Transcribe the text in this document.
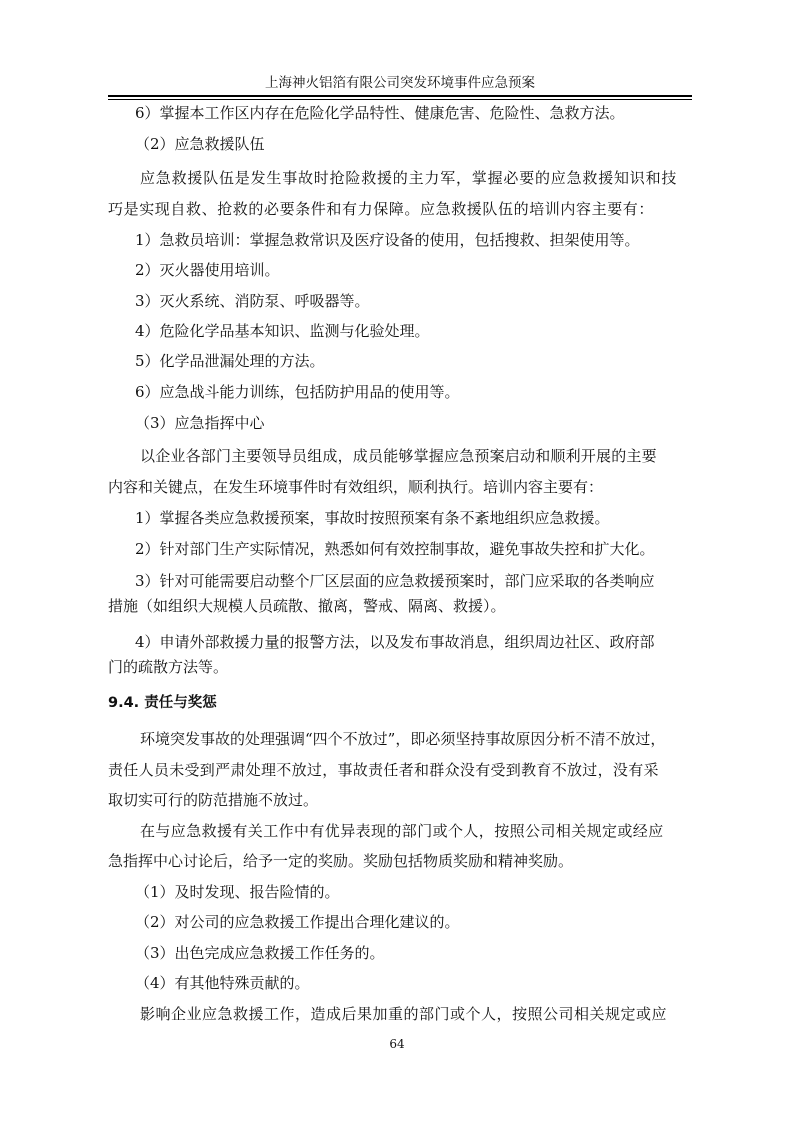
上海神火铝箔有限公司突发环境事件应急预案
6）掌握本工作区内存在危险化学品特性、健康危害、危险性、急救方法。
（2）应急救援队伍
应急救援队伍是发生事故时抢险救援的主力军，掌握必要的应急救援知识和技
巧是实现自救、抢救的必要条件和有力保障。应急救援队伍的培训内容主要有：
1）急救员培训：掌握急救常识及医疗设备的使用，包括搜救、担架使用等。
2）灭火器使用培训。
3）灭火系统、消防泵、呼吸器等。
4）危险化学品基本知识、监测与化验处理。
5）化学品泄漏处理的方法。
6）应急战斗能力训练，包括防护用品的使用等。
（3）应急指挥中心
以企业各部门主要领导员组成，成员能够掌握应急预案启动和顺利开展的主要
内容和关键点，在发生环境事件时有效组织，顺利执行。培训内容主要有：
1）掌握各类应急救援预案，事故时按照预案有条不紊地组织应急救援。
2）针对部门生产实际情况，熟悉如何有效控制事故，避免事故失控和扩大化。
3）针对可能需要启动整个厂区层面的应急救援预案时，部门应采取的各类响应
措施（如组织大规模人员疏散、撤离，警戒、隔离、救援）。
4）申请外部救援力量的报警方法，以及发布事故消息，组织周边社区、政府部
门的疏散方法等。
9.4. 责任与奖惩
环境突发事故的处理强调“四个不放过”，即必须坚持事故原因分析不清不放过，
责任人员未受到严肃处理不放过，事故责任者和群众没有受到教育不放过，没有采
取切实可行的防范措施不放过。
在与应急救援有关工作中有优异表现的部门或个人，按照公司相关规定或经应
急指挥中心讨论后，给予一定的奖励。奖励包括物质奖励和精神奖励。
（1）及时发现、报告险情的。
（2）对公司的应急救援工作提出合理化建议的。
（3）出色完成应急救援工作任务的。
（4）有其他特殊贡献的。
影响企业应急救援工作，造成后果加重的部门或个人，按照公司相关规定或应
64
